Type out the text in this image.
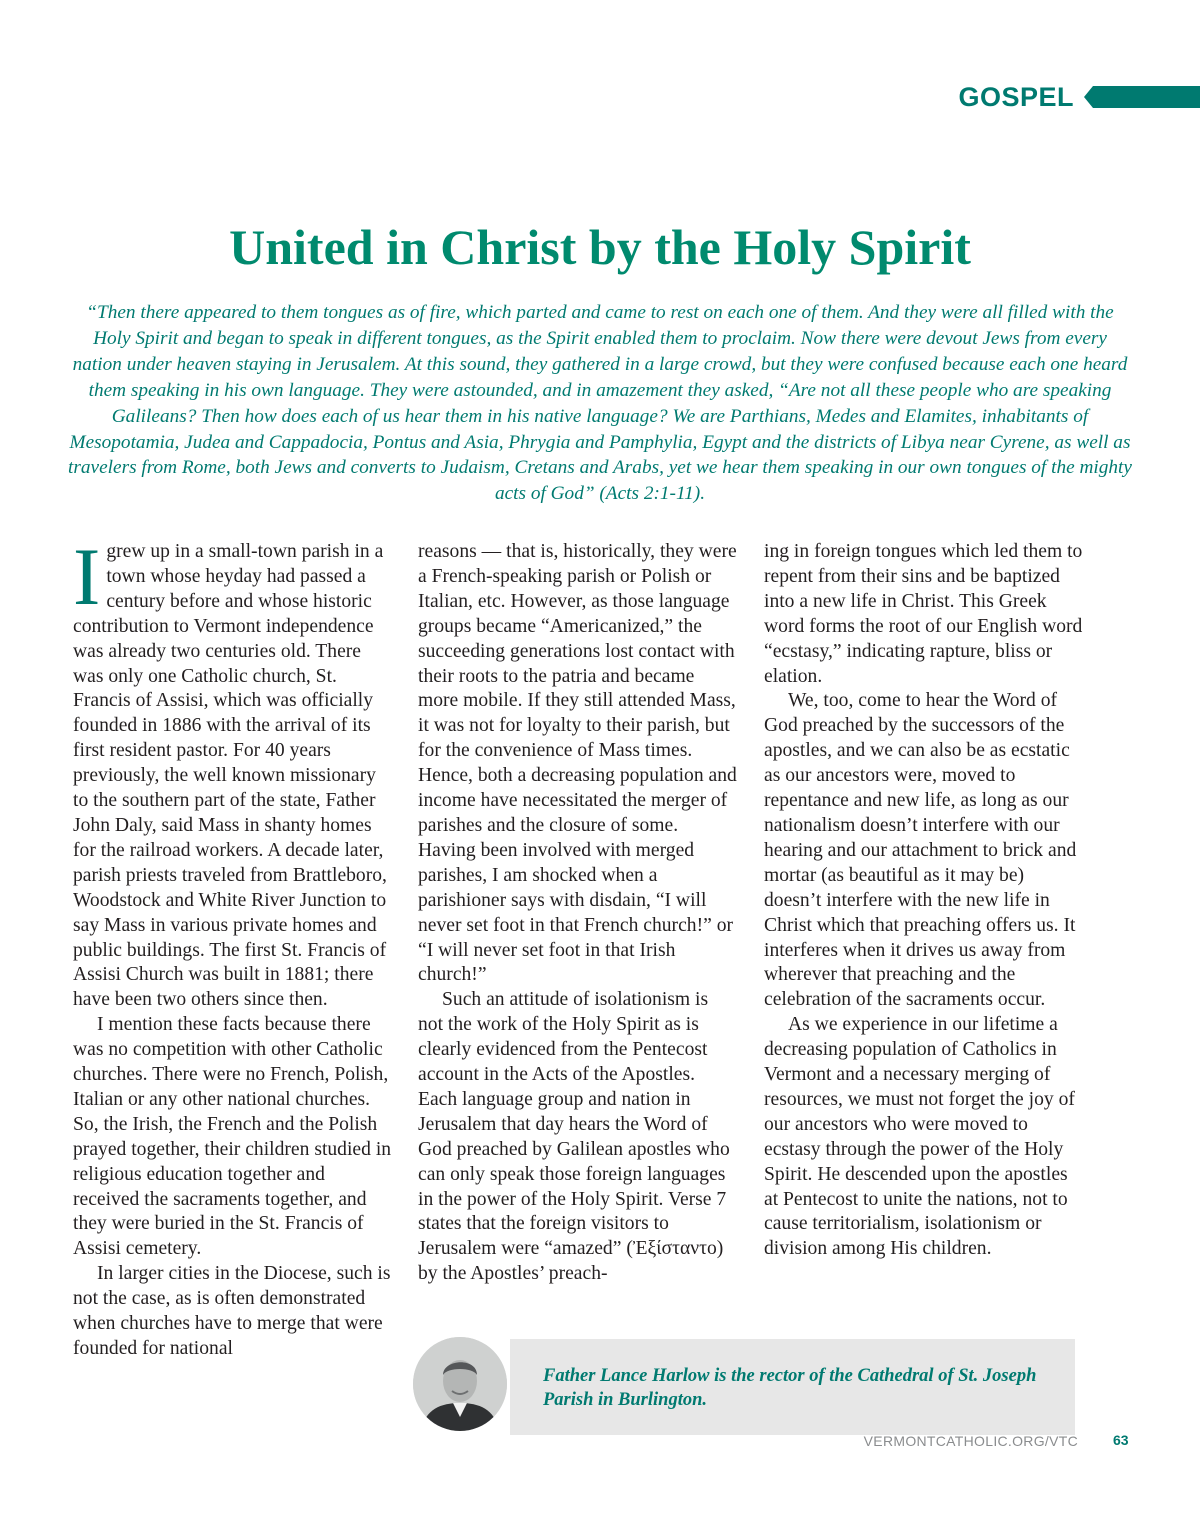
GOSPEL
United in Christ by the Holy Spirit

“Then there appeared to them tongues as of fire, which parted and came to rest on each one of them. And they were all filled with the Holy Spirit and began to speak in different tongues, as the Spirit enabled them to proclaim. Now there were devout Jews from every nation under heaven staying in Jerusalem. At this sound, they gathered in a large crowd, but they were confused because each one heard them speaking in his own language. They were astounded, and in amazement they asked, “Are not all these people who are speaking Galileans? Then how does each of us hear them in his native language? We are Parthians, Medes and Elamites, inhabitants of Mesopotamia, Judea and Cappadocia, Pontus and Asia, Phrygia and Pamphylia, Egypt and the districts of Libya near Cyrene, as well as travelers from Rome, both Jews and converts to Judaism, Cretans and Arabs, yet we hear them speaking in our own tongues of the mighty acts of God” (Acts 2:1-11).

Igrew up in a small-town parish in a town whose heyday had passed a century before and whose historic contribution to Vermont independence was already two centuries old. There was only one Catholic church, St. Francis of Assisi, which was officially founded in 1886 with the arrival of its first resident pastor. For 40 years previously, the well known missionary to the southern part of the state, Father John Daly, said Mass in shanty homes for the railroad workers. A decade later, parish priests traveled from Brattleboro, Woodstock and White River Junction to say Mass in various private homes and public buildings. The first St. Francis of Assisi Church was built in 1881; there have been two others since then.

I mention these facts because there was no competition with other Catholic churches. There were no French, Polish, Italian or any other national churches. So, the Irish, the French and the Polish prayed together, their children studied in religious education together and received the sacraments together, and they were buried in the St. Francis of Assisi cemetery.

In larger cities in the Diocese, such is not the case, as is often demonstrated when churches have to merge that were founded for national

reasons — that is, historically, they were a French-speaking parish or Polish or Italian, etc. However, as those language groups became “Americanized,” the succeeding generations lost contact with their roots to the patria and became more mobile. If they still attended Mass, it was not for loyalty to their parish, but for the convenience of Mass times. Hence, both a decreasing population and income have necessitated the merger of parishes and the closure of some. Having been involved with merged parishes, I am shocked when a parishioner says with disdain, “I will never set foot in that French church!” or “I will never set foot in that Irish church!”

Such an attitude of isolationism is not the work of the Holy Spirit as is clearly evidenced from the Pentecost account in the Acts of the Apostles. Each language group and nation in Jerusalem that day hears the Word of God preached by Galilean apostles who can only speak those foreign languages in the power of the Holy Spirit. Verse 7 states that the foreign visitors to Jerusalem were “amazed” (Ἐξίσταντο) by the Apostles’ preach-

ing in foreign tongues which led them to repent from their sins and be baptized into a new life in Christ. This Greek word forms the root of our English word “ecstasy,” indicating rapture, bliss or elation.

We, too, come to hear the Word of God preached by the successors of the apostles, and we can also be as ecstatic as our ancestors were, moved to repentance and new life, as long as our nationalism doesn’t interfere with our hearing and our attachment to brick and mortar (as beautiful as it may be) doesn’t interfere with the new life in Christ which that preaching offers us. It interferes when it drives us away from wherever that preaching and the celebration of the sacraments occur.

As we experience in our lifetime a decreasing population of Catholics in Vermont and a necessary merging of resources, we must not forget the joy of our ancestors who were moved to ecstasy through the power of the Holy Spirit. He descended upon the apostles at Pentecost to unite the nations, not to cause territorialism, isolationism or division among His children.

Father Lance Harlow is the rector of the Cathedral of St. Joseph Parish in Burlington.

VERMONTCATHOLIC.ORG/VTC	63
